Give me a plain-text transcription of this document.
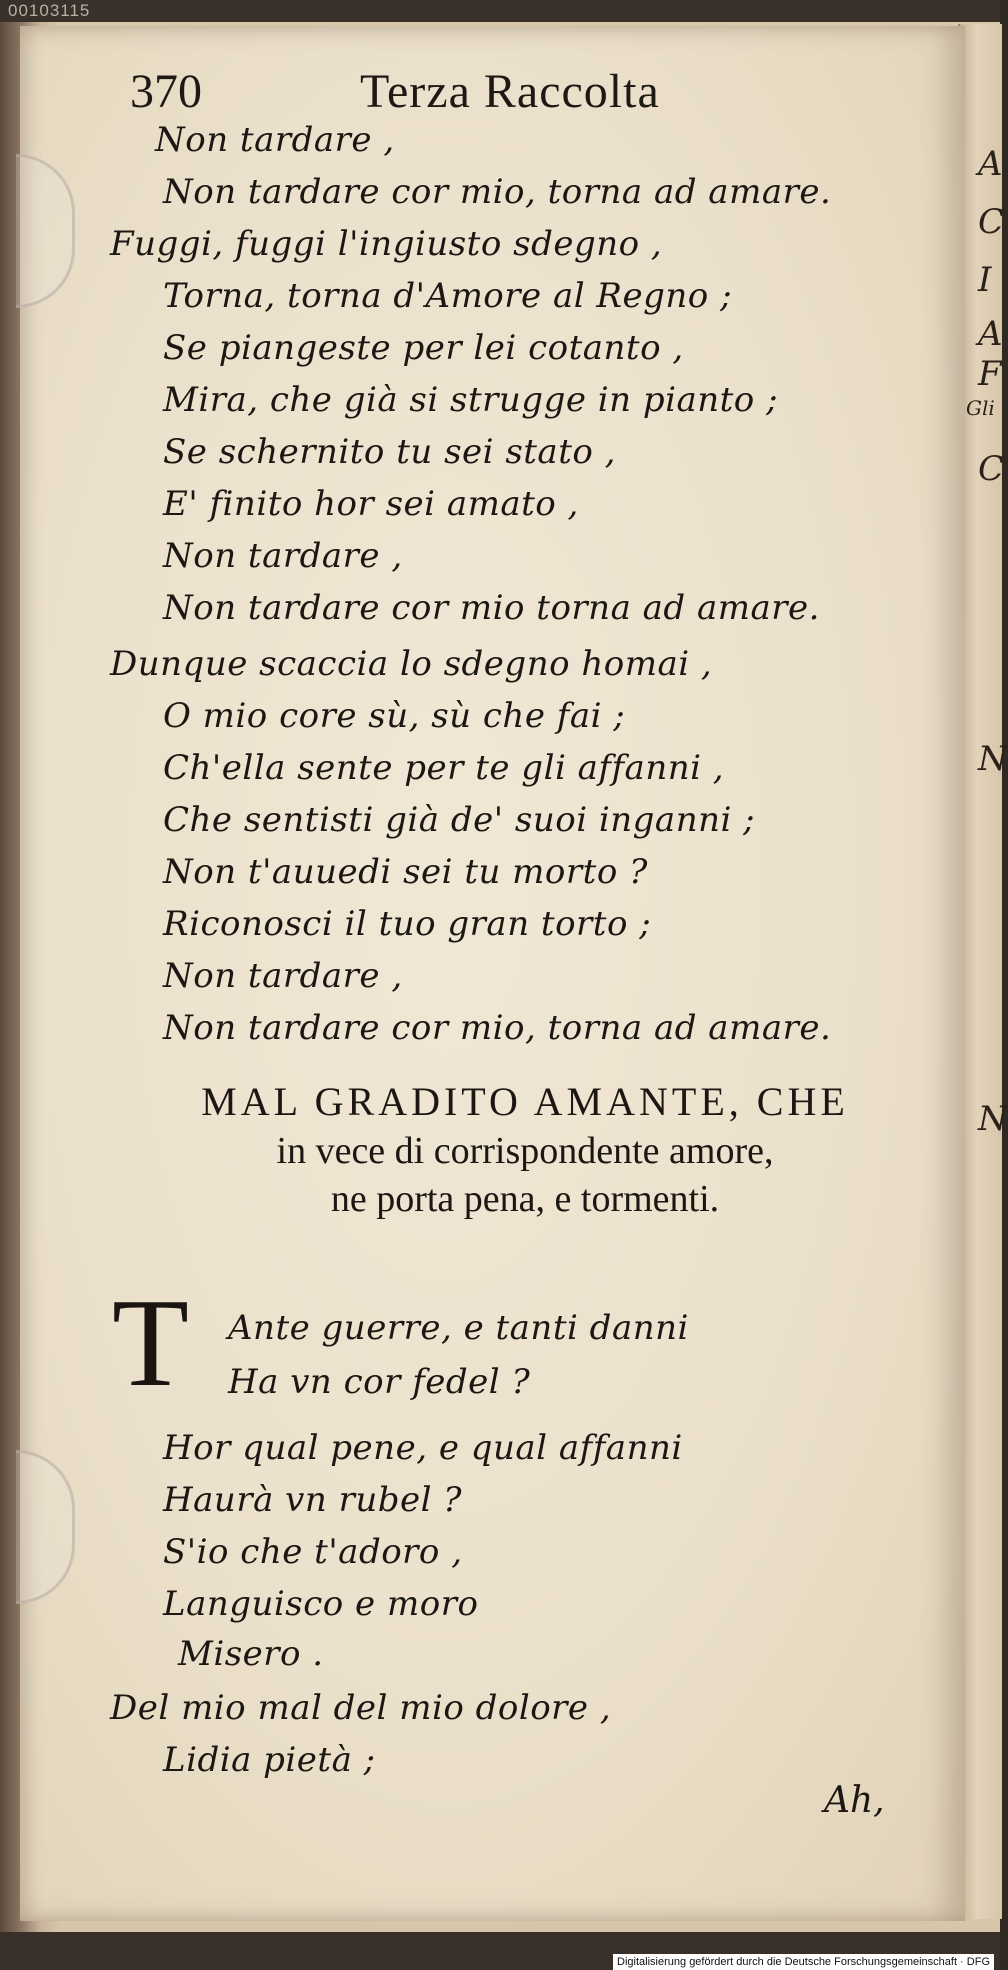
00103115
A
C
I
A
F
Gli
C
N
N
370	Terza Raccolta

Non tardare ,

Non tardare cor mio, torna ad amare.

Fuggi, fuggi l'ingiusto sdegno ,

Torna, torna d'Amore al Regno ;

Se piangeste per lei cotanto ,

Mira, che già si strugge in pianto ;

Se schernito tu sei stato ,

E' finito hor sei amato ,

Non tardare ,

Non tardare cor mio torna ad amare.

Dunque scaccia lo sdegno homai ,

O mio core sù, sù che fai ;

Ch'ella sente per te gli affanni ,

Che sentisti già de' suoi inganni ;

Non t'auuedi sei tu morto ?

Riconosci il tuo gran torto ;

Non tardare ,

Non tardare cor mio, torna ad amare.

MAL GRADITO AMANTE, CHE
in vece di corrispondente amore,
ne porta pena, e tormenti.
T Ante guerre, e tanti danni

Ha vn cor fedel ?

Hor qual pene, e qual affanni

Haurà vn rubel ?

S'io che t'adoro ,

Languisco e moro

Misero .

Del mio mal del mio dolore ,

Lidia pietà ;

Ah,
Digitalisierung gefördert durch die Deutsche Forschungsgemeinschaft · DFG
